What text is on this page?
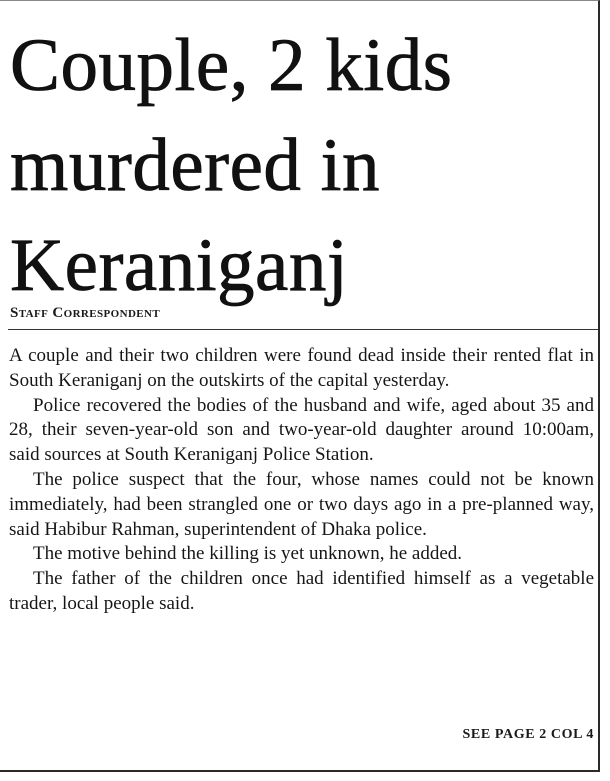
Couple, 2 kids murdered in Keraniganj
Staff Correspondent

A couple and their two children were found dead inside their rented flat in South Keraniganj on the outskirts of the capital yesterday.

Police recovered the bodies of the husband and wife, aged about 35 and 28, their seven-year-old son and two-year-old daughter around 10:00am, said sources at South Keraniganj Police Station.

The police suspect that the four, whose names could not be known immediately, had been strangled one or two days ago in a pre-planned way, said Habibur Rahman, superintendent of Dhaka police.

The motive behind the killing is yet unknown, he added.

The father of the children once had identified himself as a vegetable trader, local people said.

SEE PAGE 2 COL 4
